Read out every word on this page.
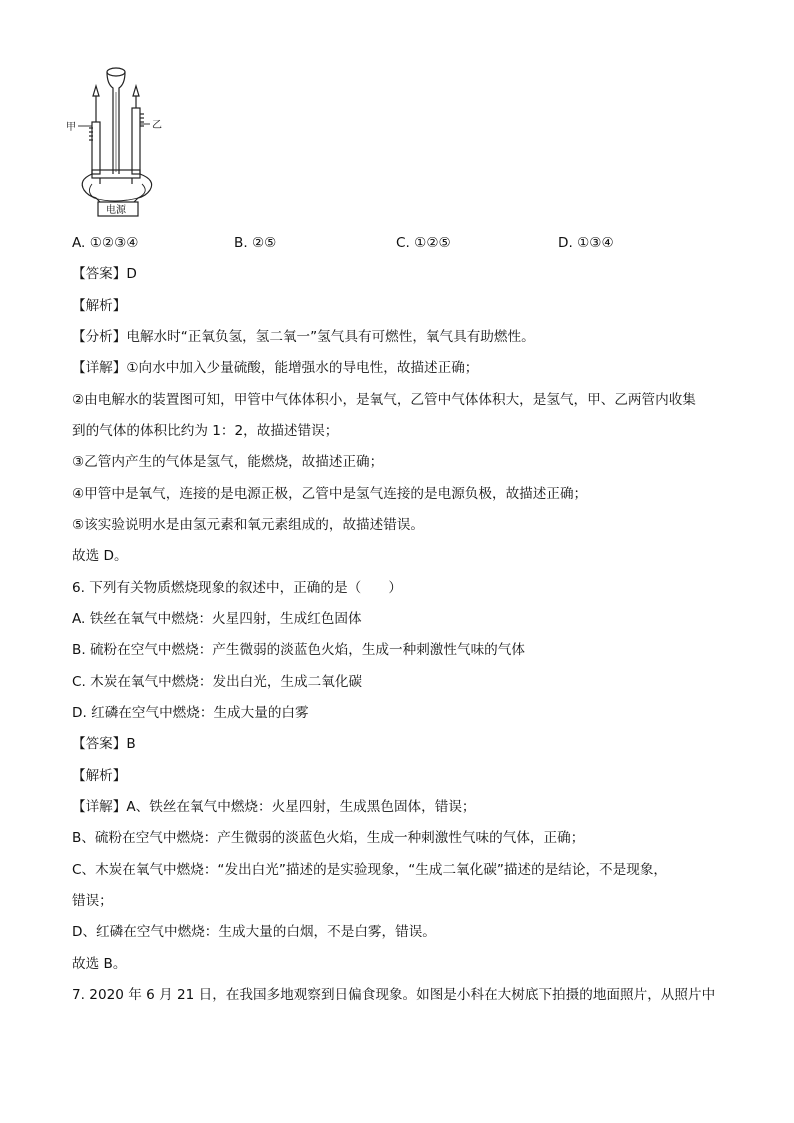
甲	乙
电源
A. ①②③④	B. ②⑤	C. ①②⑤	D. ①③④
【答案】D
【解析】
【分析】电解水时“正氧负氢，氢二氧一”氢气具有可燃性，氧气具有助燃性。
【详解】①向水中加入少量硫酸，能增强水的导电性，故描述正确；
②由电解水的装置图可知，甲管中气体体积小，是氧气，乙管中气体体积大，是氢气，甲、乙两管内收集
到的气体的体积比约为 1：2，故描述错误；
③乙管内产生的气体是氢气，能燃烧，故描述正确；
④甲管中是氧气，连接的是电源正极，乙管中是氢气连接的是电源负极，故描述正确；
⑤该实验说明水是由氢元素和氧元素组成的，故描述错误。
故选 D。
6. 下列有关物质燃烧现象的叙述中，正确的是（　　）
A. 铁丝在氧气中燃烧：火星四射，生成红色固体
B. 硫粉在空气中燃烧：产生微弱的淡蓝色火焰，生成一种刺激性气味的气体
C. 木炭在氧气中燃烧：发出白光，生成二氧化碳
D. 红磷在空气中燃烧：生成大量的白雾
【答案】B
【解析】
【详解】A、铁丝在氧气中燃烧：火星四射，生成黑色固体，错误；
B、硫粉在空气中燃烧：产生微弱的淡蓝色火焰，生成一种刺激性气味的气体，正确；
C、木炭在氧气中燃烧：“发出白光”描述的是实验现象，“生成二氧化碳”描述的是结论，不是现象，
错误；
D、红磷在空气中燃烧：生成大量的白烟，不是白雾，错误。
故选 B。
7. 2020 年 6 月 21 日，在我国多地观察到日偏食现象。如图是小科在大树底下拍摄的地面照片，从照片中
